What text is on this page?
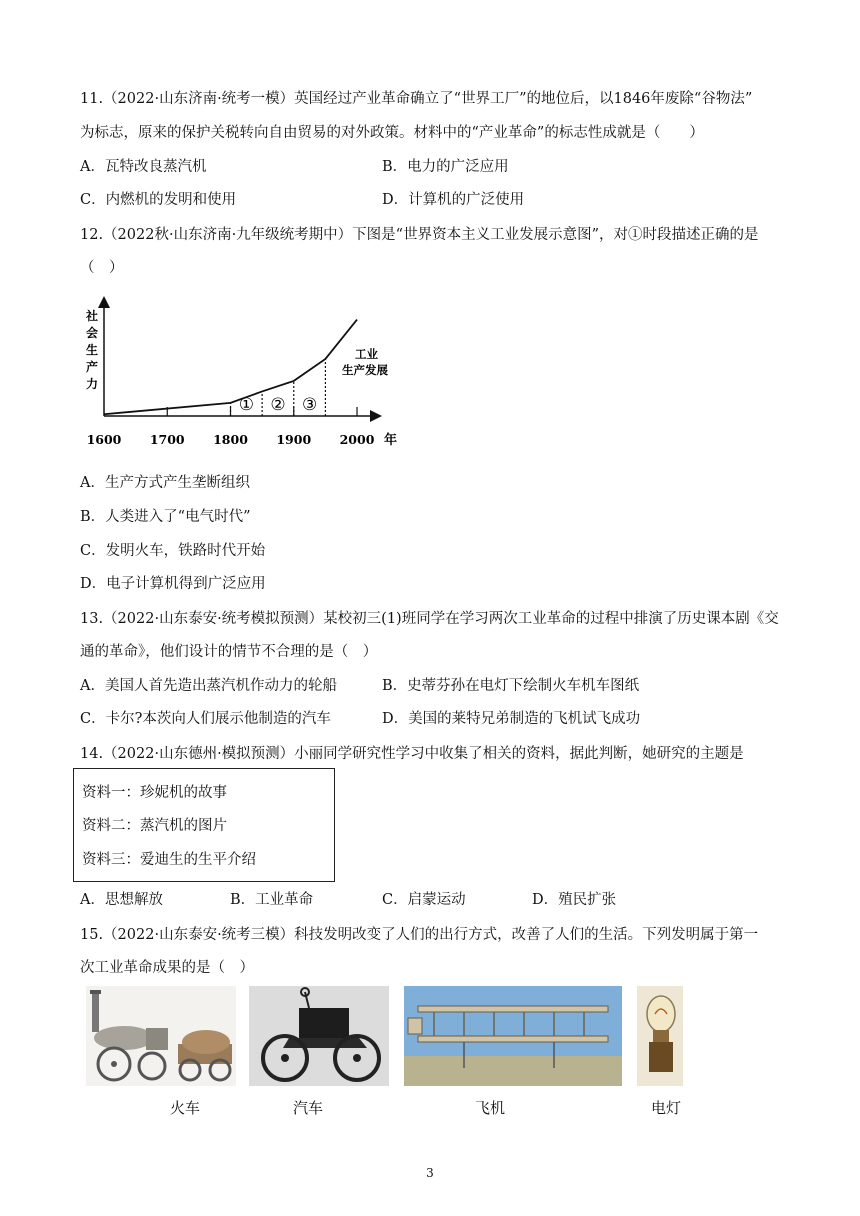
11.（2022·山东济南·统考一模）英国经过产业革命确立了“世界工厂”的地位后，以1846年废除“谷物法”
为标志，原来的保护关税转向自由贸易的对外政策。材料中的“产业革命”的标志性成就是（　　）
A．瓦特改良蒸汽机	B．电力的广泛应用
C．内燃机的发明和使用	D．计算机的广泛使用
12.（2022秋·山东济南·九年级统考期中）下图是“世界资本主义工业发展示意图”，对①时段描述正确的是
（　）
社
会
生
产
力
年
1600 1700 1800 1900 2000
① ② ③
工业
生产发展
A．生产方式产生垄断组织
B．人类进入了“电气时代”
C．发明火车，铁路时代开始
D．电子计算机得到广泛应用
13.（2022·山东泰安·统考模拟预测）某校初三(1)班同学在学习两次工业革命的过程中排演了历史课本剧《交
通的革命》，他们设计的情节不合理的是（　）
A．美国人首先造出蒸汽机作动力的轮船	B．史蒂芬孙在电灯下绘制火车机车图纸
C．卡尔?本茨向人们展示他制造的汽车	D．美国的莱特兄弟制造的飞机试飞成功
14.（2022·山东德州·模拟预测）小丽同学研究性学习中收集了相关的资料，据此判断，她研究的主题是
资料一：珍妮机的故事
资料二：蒸汽机的图片
资料三：爱迪生的生平介绍
A．思想解放	B．工业革命	C．启蒙运动	D．殖民扩张
15.（2022·山东泰安·统考三模）科技发明改变了人们的出行方式，改善了人们的生活。下列发明属于第一
次工业革命成果的是（　）
火车	汽车	飞机	电灯
3
